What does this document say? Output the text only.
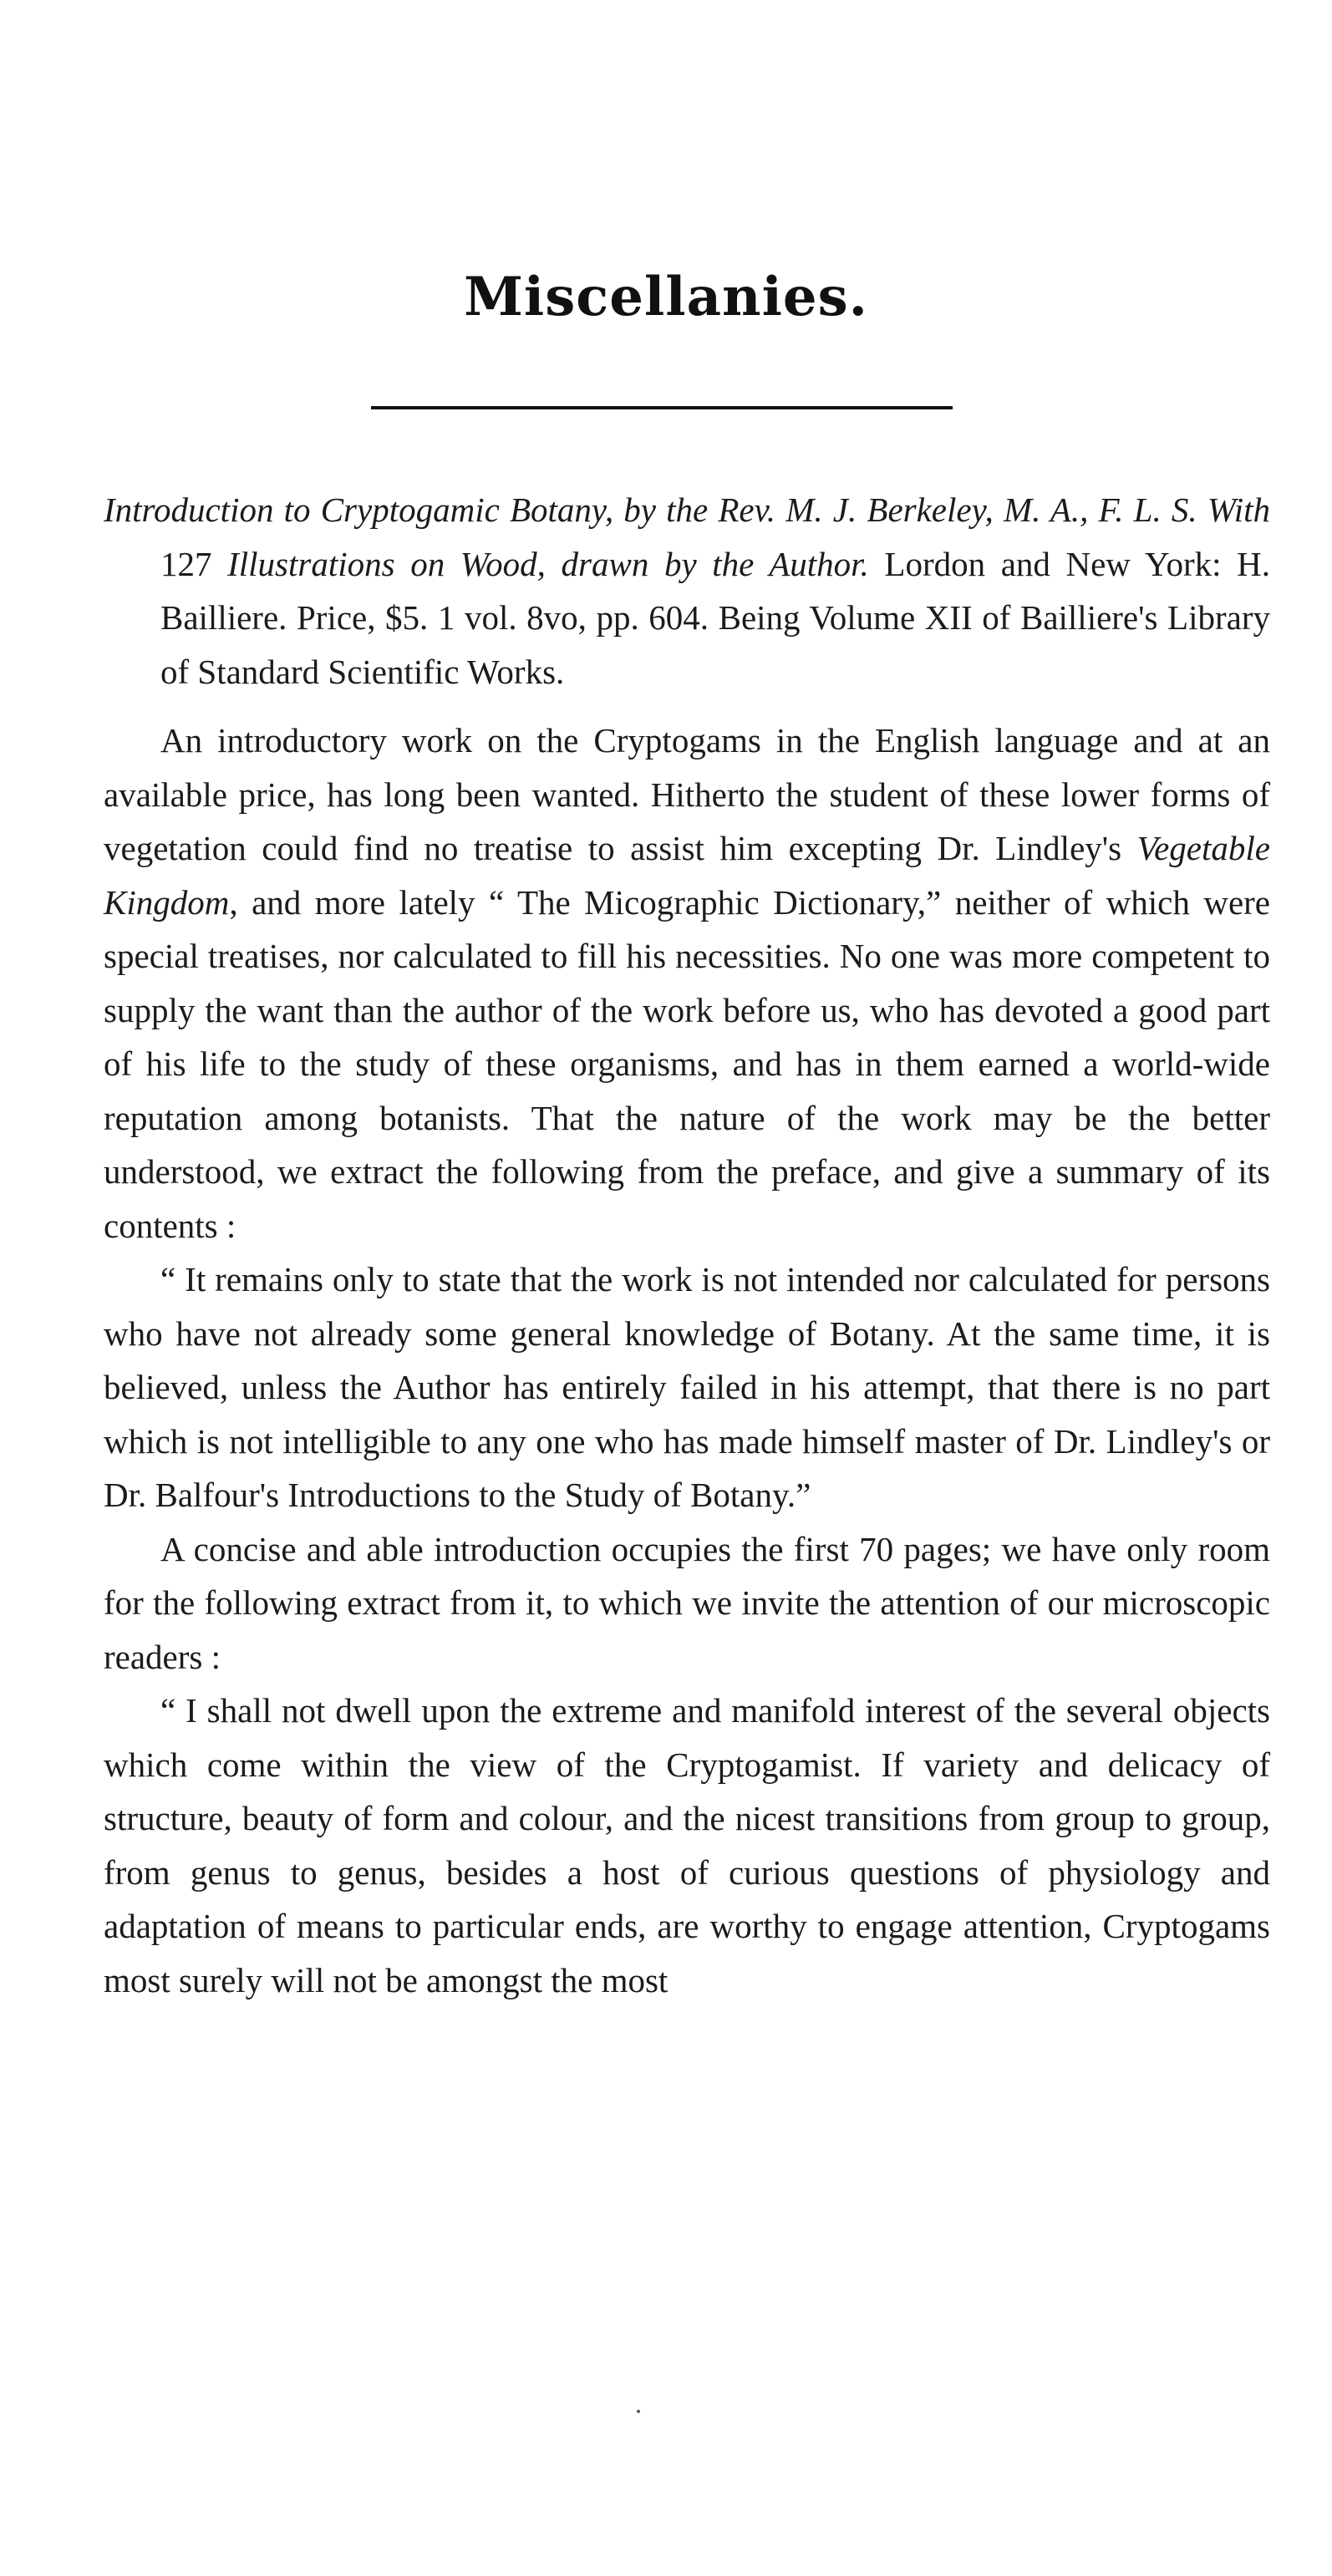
Miscellanies.

Introduction to Cryptogamic Botany, by the Rev. M. J. Berkeley, M. A., F. L. S. With 127 Illustrations on Wood, drawn by the Author. Lordon and New York: H. Bailliere. Price, $5. 1 vol. 8vo, pp. 604. Being Volume XII of Bailliere's Library of Standard Scientific Works.

An introductory work on the Cryptogams in the English language and at an available price, has long been wanted. Hitherto the student of these lower forms of vegetation could find no treatise to assist him excepting Dr. Lindley's Vegetable Kingdom, and more lately “ The Micographic Dictionary,” neither of which were special treatises, nor calculated to fill his necessities. No one was more competent to supply the want than the author of the work before us, who has devoted a good part of his life to the study of these organisms, and has in them earned a world-wide reputation among botanists. That the nature of the work may be the better understood, we extract the following from the preface, and give a summary of its contents :

“ It remains only to state that the work is not intended nor calculated for persons who have not already some general knowledge of Botany. At the same time, it is believed, unless the Author has entirely failed in his attempt, that there is no part which is not intelligible to any one who has made himself master of Dr. Lindley's or Dr. Balfour's Introductions to the Study of Botany.”

A concise and able introduction occupies the first 70 pages; we have only room for the following extract from it, to which we invite the attention of our microscopic readers :

“ I shall not dwell upon the extreme and manifold interest of the several objects which come within the view of the Cryptogamist. If variety and delicacy of structure, beauty of form and colour, and the nicest transitions from group to group, from genus to genus, besides a host of curious questions of physiology and adaptation of means to particular ends, are worthy to engage attention, Cryptogams most surely will not be amongst the most
